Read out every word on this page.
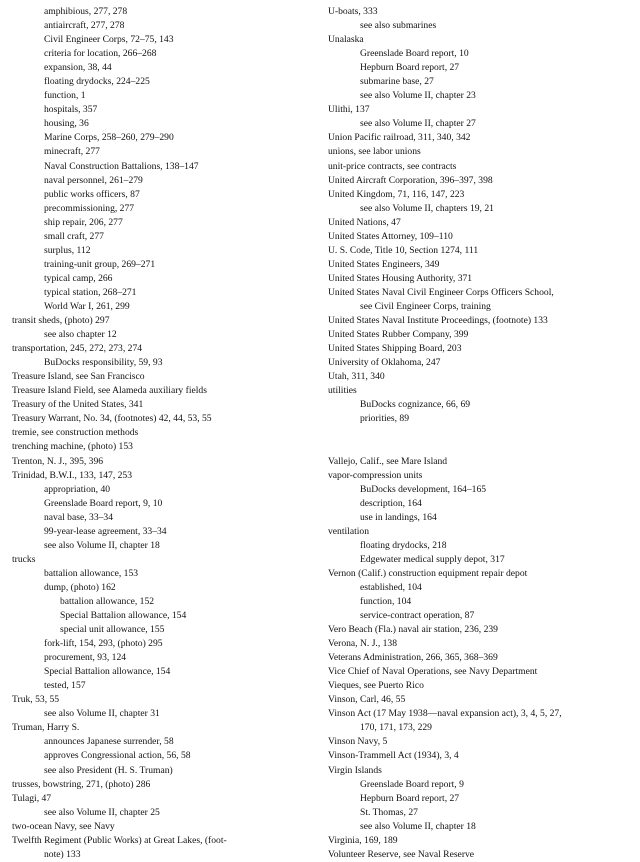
amphibious, 277, 278
antiaircraft, 277, 278
Civil Engineer Corps, 72–75, 143
criteria for location, 266–268
expansion, 38, 44
floating drydocks, 224–225
function, 1
hospitals, 357
housing, 36
Marine Corps, 258–260, 279–290
minecraft, 277
Naval Construction Battalions, 138–147
naval personnel, 261–279
public works officers, 87
precommissioning, 277
ship repair, 206, 277
small craft, 277
surplus, 112
training-unit group, 269–271
typical camp, 266
typical station, 268–271
World War I, 261, 299
transit sheds, (photo) 297
see also chapter 12
transportation, 245, 272, 273, 274
BuDocks responsibility, 59, 93
Treasure Island, see San Francisco
Treasure Island Field, see Alameda auxiliary fields
Treasury of the United States, 341
Treasury Warrant, No. 34, (footnotes) 42, 44, 53, 55
tremie, see construction methods
trenching machine, (photo) 153
Trenton, N. J., 395, 396
Trinidad, B.W.I., 133, 147, 253
appropriation, 40
Greenslade Board report, 9, 10
naval base, 33–34
99-year-lease agreement, 33–34
see also Volume II, chapter 18
trucks
battalion allowance, 153
dump, (photo) 162
battalion allowance, 152
Special Battalion allowance, 154
special unit allowance, 155
fork-lift, 154, 293, (photo) 295
procurement, 93, 124
Special Battalion allowance, 154
tested, 157
Truk, 53, 55
see also Volume II, chapter 31
Truman, Harry S.
announces Japanese surrender, 58
approves Congressional action, 56, 58
see also President (H. S. Truman)
trusses, bowstring, 271, (photo) 286
Tulagi, 47
see also Volume II, chapter 25
two-ocean Navy, see Navy
Twelfth Regiment (Public Works) at Great Lakes, (foot-
note) 133
U-boats, 333
see also submarines
Unalaska
Greenslade Board report, 10
Hepburn Board report, 27
submarine base, 27
see also Volume II, chapter 23
Ulithi, 137
see also Volume II, chapter 27
Union Pacific railroad, 311, 340, 342
unions, see labor unions
unit-price contracts, see contracts
United Aircraft Corporation, 396–397, 398
United Kingdom, 71, 116, 147, 223
see also Volume II, chapters 19, 21
United Nations, 47
United States Attorney, 109–110
U. S. Code, Title 10, Section 1274, 111
United States Engineers, 349
United States Housing Authority, 371
United States Naval Civil Engineer Corps Officers School,
see Civil Engineer Corps, training
United States Naval Institute Proceedings, (footnote) 133
United States Rubber Company, 399
United States Shipping Board, 203
University of Oklahoma, 247
Utah, 311, 340
utilities
BuDocks cognizance, 66, 69
priorities, 89
Vallejo, Calif., see Mare Island
vapor-compression units
BuDocks development, 164–165
description, 164
use in landings, 164
ventilation
floating drydocks, 218
Edgewater medical supply depot, 317
Vernon (Calif.) construction equipment repair depot
established, 104
function, 104
service-contract operation, 87
Vero Beach (Fla.) naval air station, 236, 239
Verona, N. J., 138
Veterans Administration, 266, 365, 368–369
Vice Chief of Naval Operations, see Navy Department
Vieques, see Puerto Rico
Vinson, Carl, 46, 55
Vinson Act (17 May 1938—naval expansion act), 3, 4, 5, 27,
170, 171, 173, 229
Vinson Navy, 5
Vinson-Trammell Act (1934), 3, 4
Virgin Islands
Greenslade Board report, 9
Hepburn Board report, 27
St. Thomas, 27
see also Volume II, chapter 18
Virginia, 169, 189
Volunteer Reserve, see Naval Reserve
